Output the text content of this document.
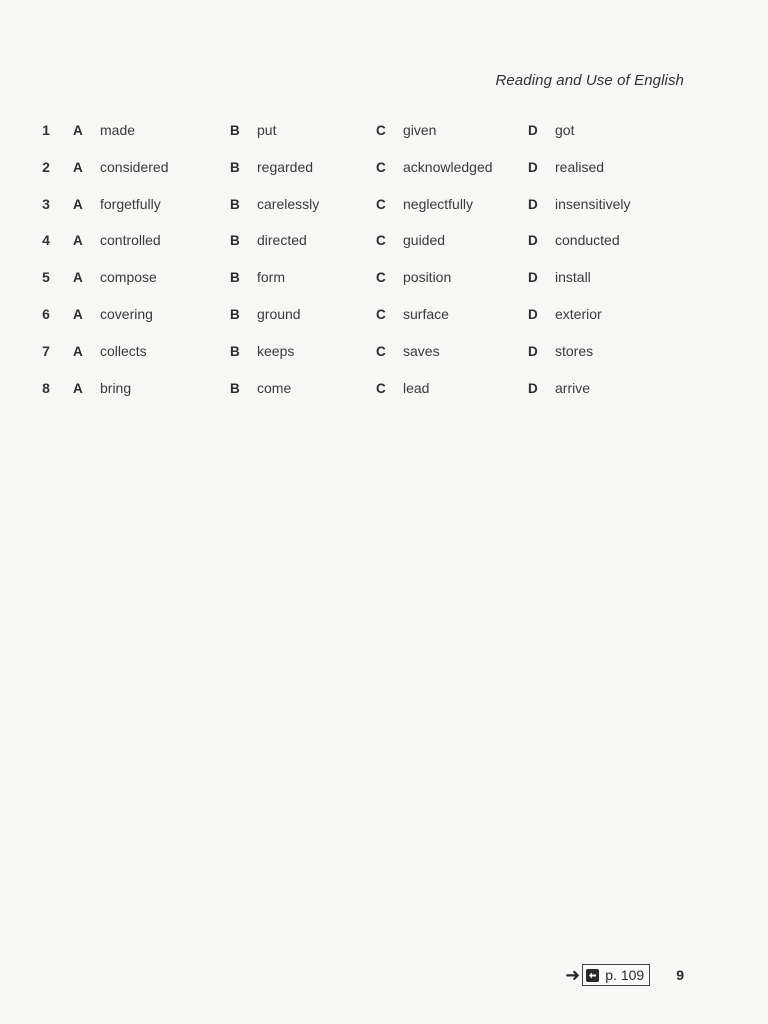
Reading and Use of English
1	A made	B put	C given	D got
2	A considered	B regarded	C acknowledged	D realised
3	A forgetfully	B carelessly	C neglectfully	D insensitively
4	A controlled	B directed	C guided	D conducted
5	A compose	B form	C position	D install
6	A covering	B ground	C surface	D exterior
7	A collects	B keeps	C saves	D stores
8	A bring	B come	C lead	D arrive
➜ p. 109 9
